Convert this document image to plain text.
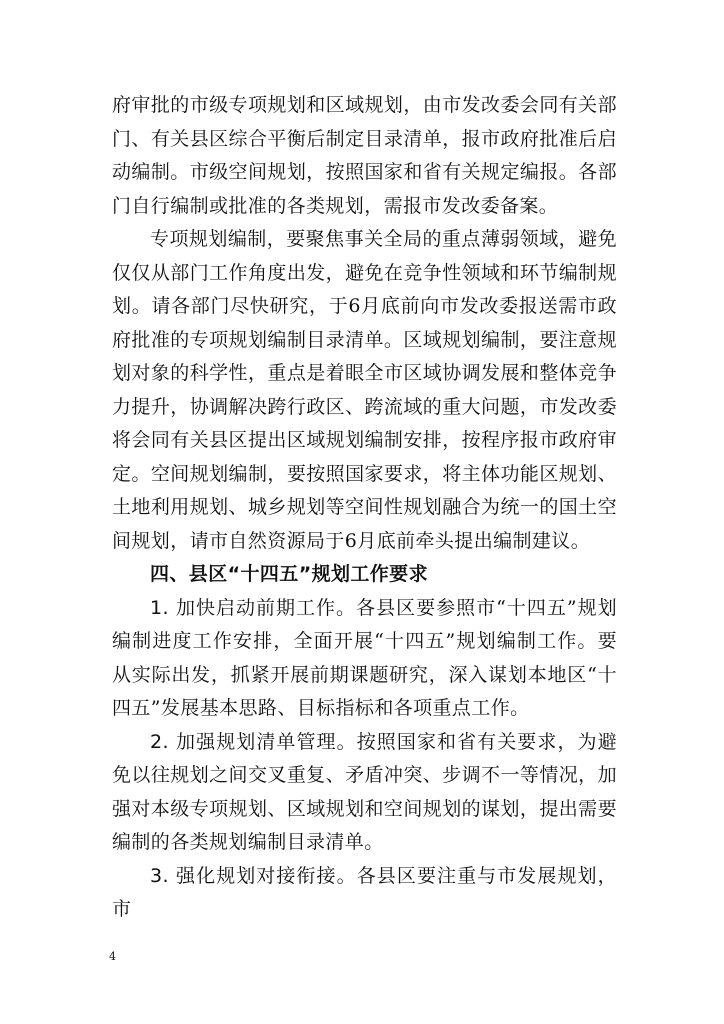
府审批的市级专项规划和区域规划，由市发改委会同有关部门、有关县区综合平衡后制定目录清单，报市政府批准后启动编制。市级空间规划，按照国家和省有关规定编报。各部门自行编制或批准的各类规划，需报市发改委备案。

专项规划编制，要聚焦事关全局的重点薄弱领域，避免仅仅从部门工作角度出发，避免在竞争性领域和环节编制规划。请各部门尽快研究，于6月底前向市发改委报送需市政府批准的专项规划编制目录清单。区域规划编制，要注意规划对象的科学性，重点是着眼全市区域协调发展和整体竞争力提升，协调解决跨行政区、跨流域的重大问题，市发改委将会同有关县区提出区域规划编制安排，按程序报市政府审定。空间规划编制，要按照国家要求，将主体功能区规划、土地利用规划、城乡规划等空间性规划融合为统一的国土空间规划，请市自然资源局于6月底前牵头提出编制建议。

四、县区“十四五”规划工作要求

1. 加快启动前期工作。各县区要参照市“十四五”规划编制进度工作安排，全面开展“十四五”规划编制工作。要从实际出发，抓紧开展前期课题研究，深入谋划本地区“十四五”发展基本思路、目标指标和各项重点工作。

2. 加强规划清单管理。按照国家和省有关要求，为避免以往规划之间交叉重复、矛盾冲突、步调不一等情况，加强对本级专项规划、区域规划和空间规划的谋划，提出需要编制的各类规划编制目录清单。

3. 强化规划对接衔接。各县区要注重与市发展规划，市

4
